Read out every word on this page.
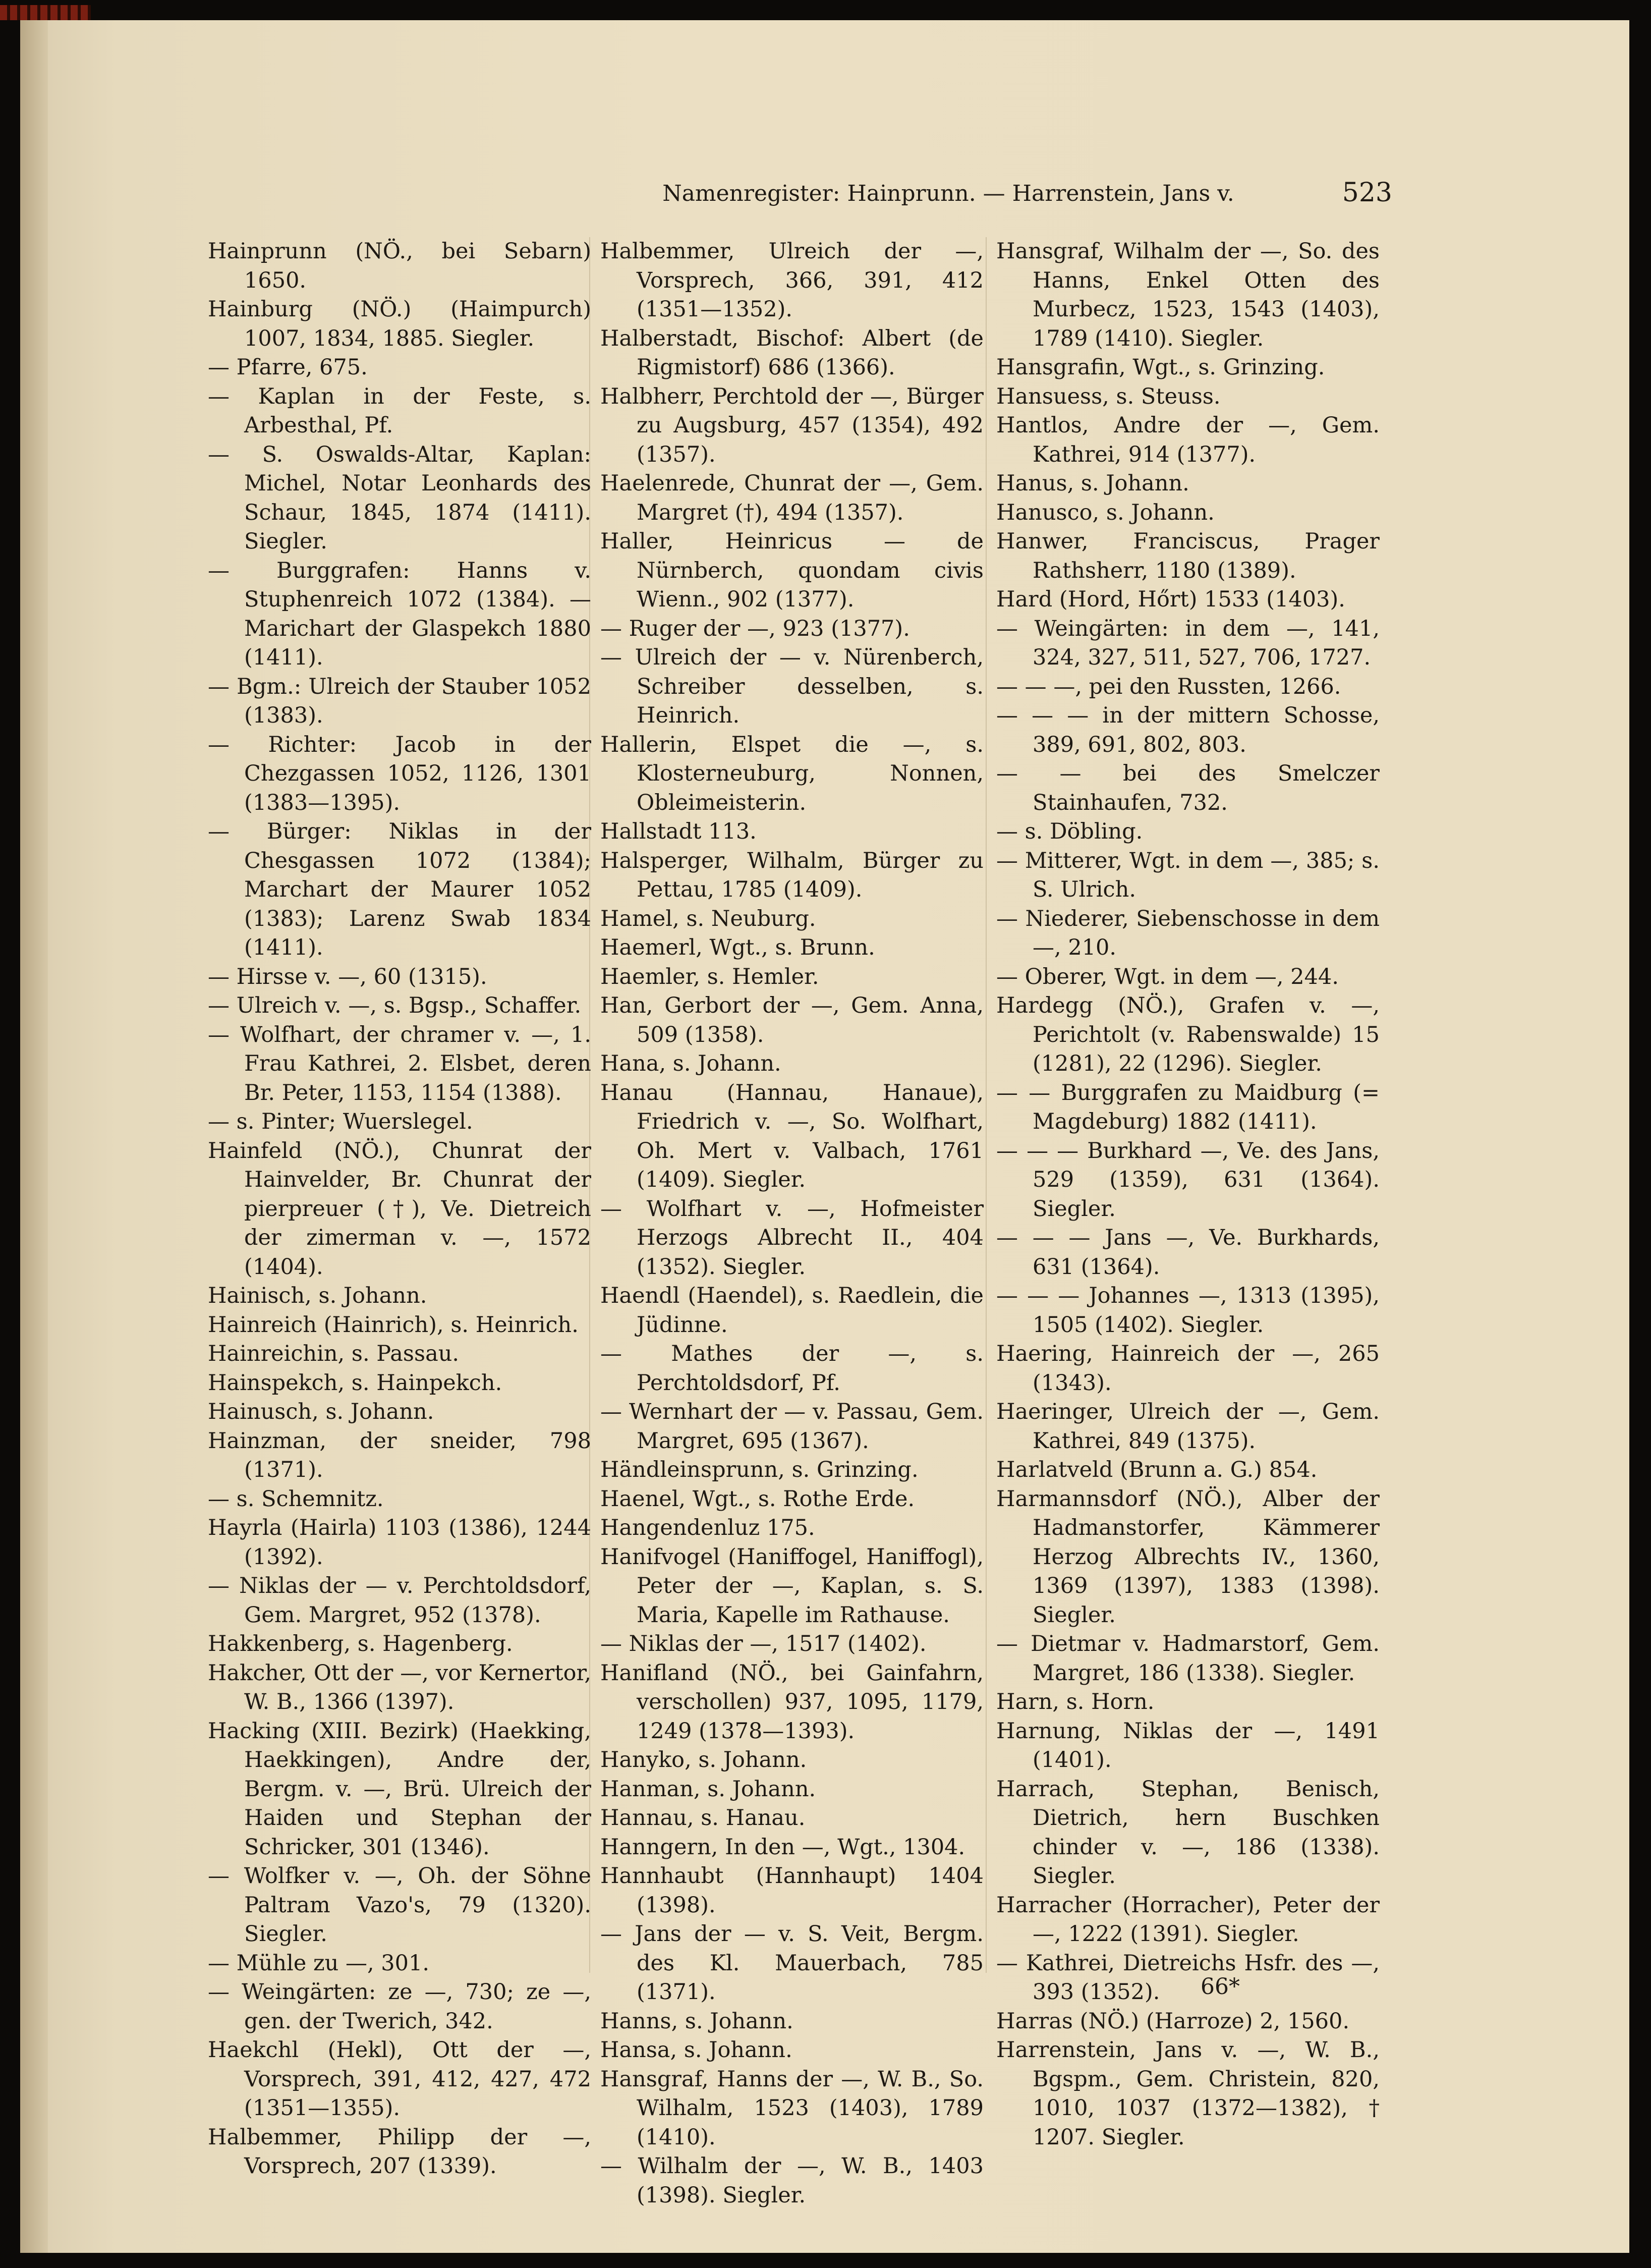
Namenregister: Hainprunn. — Harrenstein, Jans v.	523
Hainprunn (NÖ., bei Sebarn) 1650.
Hainburg (NÖ.) (Haimpurch) 1007, 1834, 1885. Siegler.
— Pfarre, 675.
— Kaplan in der Feste, s. Arbesthal, Pf.
— S. Oswalds-Altar, Kaplan: Michel, Notar Leonhards des Schaur, 1845, 1874 (1411). Siegler.
— Burggrafen: Hanns v. Stuphenreich 1072 (1384). — Marichart der Glaspekch 1880 (1411).
— Bgm.: Ulreich der Stauber 1052 (1383).
— Richter: Jacob in der Chezgassen 1052, 1126, 1301 (1383—1395).
— Bürger: Niklas in der Chesgassen 1072 (1384); Marchart der Maurer 1052 (1383); Larenz Swab 1834 (1411).
— Hirsse v. —, 60 (1315).
— Ulreich v. —, s. Bgsp., Schaffer.
— Wolfhart, der chramer v. —, 1. Frau Kathrei, 2. Elsbet, deren Br. Peter, 1153, 1154 (1388).
— s. Pinter; Wuerslegel.
Hainfeld (NÖ.), Chunrat der Hainvelder, Br. Chunrat der pierpreuer (†), Ve. Dietreich der zimerman v. —, 1572 (1404).
Hainisch, s. Johann.
Hainreich (Hainrich), s. Heinrich.
Hainreichin, s. Passau.
Hainspekch, s. Hainpekch.
Hainusch, s. Johann.
Hainzman, der sneider, 798 (1371).
— s. Schemnitz.
Hayrla (Hairla) 1103 (1386), 1244 (1392).
— Niklas der — v. Perchtoldsdorf, Gem. Margret, 952 (1378).
Hakkenberg, s. Hagenberg.
Hakcher, Ott der —, vor Kernertor, W. B., 1366 (1397).
Hacking (XIII. Bezirk) (Haekking, Haekkingen), Andre der, Bergm. v. —, Brü. Ulreich der Haiden und Stephan der Schricker, 301 (1346).
— Wolfker v. —, Oh. der Söhne Paltram Vazo's, 79 (1320). Siegler.
— Mühle zu —, 301.
— Weingärten: ze —, 730; ze —, gen. der Twerich, 342.
Haekchl (Hekl), Ott der —, Vorsprech, 391, 412, 427, 472 (1351—1355).
Halbemmer, Philipp der —, Vorsprech, 207 (1339).
Halbemmer, Ulreich der —, Vorsprech, 366, 391, 412 (1351—1352).
Halberstadt, Bischof: Albert (de Rigmistorf) 686 (1366).
Halbherr, Perchtold der —, Bürger zu Augsburg, 457 (1354), 492 (1357).
Haelenrede, Chunrat der —, Gem. Margret (†), 494 (1357).
Haller, Heinricus — de Nürnberch, quondam civis Wienn., 902 (1377).
— Ruger der —, 923 (1377).
— Ulreich der — v. Nürenberch, Schreiber desselben, s. Heinrich.
Hallerin, Elspet die —, s. Klosterneuburg, Nonnen, Obleimeisterin.
Hallstadt 113.
Halsperger, Wilhalm, Bürger zu Pettau, 1785 (1409).
Hamel, s. Neuburg.
Haemerl, Wgt., s. Brunn.
Haemler, s. Hemler.
Han, Gerbort der —, Gem. Anna, 509 (1358).
Hana, s. Johann.
Hanau (Hannau, Hanaue), Friedrich v. —, So. Wolfhart, Oh. Mert v. Valbach, 1761 (1409). Siegler.
— Wolfhart v. —, Hofmeister Herzogs Albrecht II., 404 (1352). Siegler.
Haendl (Haendel), s. Raedlein, die Jüdinne.
— Mathes der —, s. Perchtoldsdorf, Pf.
— Wernhart der — v. Passau, Gem. Margret, 695 (1367).
Händleinsprunn, s. Grinzing.
Haenel, Wgt., s. Rothe Erde.
Hangendenluz 175.
Hanifvogel (Haniffogel, Haniffogl), Peter der —, Kaplan, s. S. Maria, Kapelle im Rathause.
— Niklas der —, 1517 (1402).
Hanifland (NÖ., bei Gainfahrn, verschollen) 937, 1095, 1179, 1249 (1378—1393).
Hanyko, s. Johann.
Hanman, s. Johann.
Hannau, s. Hanau.
Hanngern, In den —, Wgt., 1304.
Hannhaubt (Hannhaupt) 1404 (1398).
— Jans der — v. S. Veit, Bergm. des Kl. Mauerbach, 785 (1371).
Hanns, s. Johann.
Hansa, s. Johann.
Hansgraf, Hanns der —, W. B., So. Wilhalm, 1523 (1403), 1789 (1410).
— Wilhalm der —, W. B., 1403 (1398). Siegler.
Hansgraf, Wilhalm der —, So. des Hanns, Enkel Otten des Murbecz, 1523, 1543 (1403), 1789 (1410). Siegler.
Hansgrafin, Wgt., s. Grinzing.
Hansuess, s. Steuss.
Hantlos, Andre der —, Gem. Kathrei, 914 (1377).
Hanus, s. Johann.
Hanusco, s. Johann.
Hanwer, Franciscus, Prager Rathsherr, 1180 (1389).
Hard (Hord, Hőrt) 1533 (1403).
— Weingärten: in dem —, 141, 324, 327, 511, 527, 706, 1727.
— — —, pei den Russten, 1266.
— — — in der mittern Schosse, 389, 691, 802, 803.
— — bei des Smelczer Stainhaufen, 732.
— s. Döbling.
— Mitterer, Wgt. in dem —, 385; s. S. Ulrich.
— Niederer, Siebenschosse in dem —, 210.
— Oberer, Wgt. in dem —, 244.
Hardegg (NÖ.), Grafen v. —, Perichtolt (v. Rabenswalde) 15 (1281), 22 (1296). Siegler.
— — Burggrafen zu Maidburg (= Magdeburg) 1882 (1411).
— — — Burkhard —, Ve. des Jans, 529 (1359), 631 (1364). Siegler.
— — — Jans —, Ve. Burkhards, 631 (1364).
— — — Johannes —, 1313 (1395), 1505 (1402). Siegler.
Haering, Hainreich der —, 265 (1343).
Haeringer, Ulreich der —, Gem. Kathrei, 849 (1375).
Harlatveld (Brunn a. G.) 854.
Harmannsdorf (NÖ.), Alber der Hadmanstorfer, Kämmerer Herzog Albrechts IV., 1360, 1369 (1397), 1383 (1398). Siegler.
— Dietmar v. Hadmarstorf, Gem. Margret, 186 (1338). Siegler.
Harn, s. Horn.
Harnung, Niklas der —, 1491 (1401).
Harrach, Stephan, Benisch, Dietrich, hern Buschken chinder v. —, 186 (1338). Siegler.
Harracher (Horracher), Peter der —, 1222 (1391). Siegler.
— Kathrei, Dietreichs Hsfr. des —, 393 (1352).
Harras (NÖ.) (Harroze) 2, 1560.
Harrenstein, Jans v. —, W. B., Bgspm., Gem. Christein, 820, 1010, 1037 (1372—1382), † 1207. Siegler.
66*
